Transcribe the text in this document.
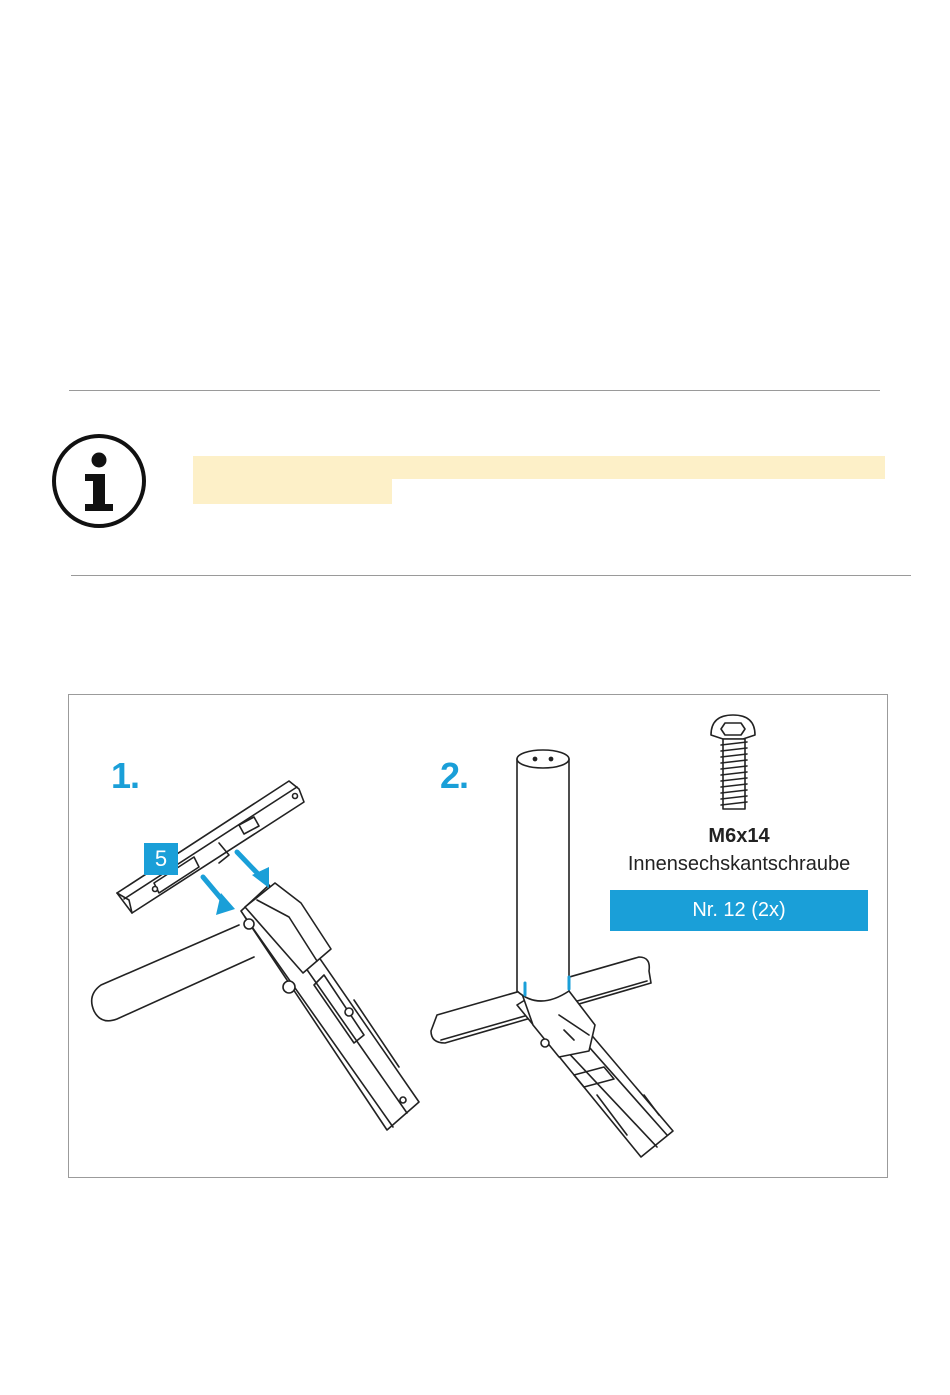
1.	2.
5
M6x14
Innensechskantschraube
Nr. 12 (2x)
